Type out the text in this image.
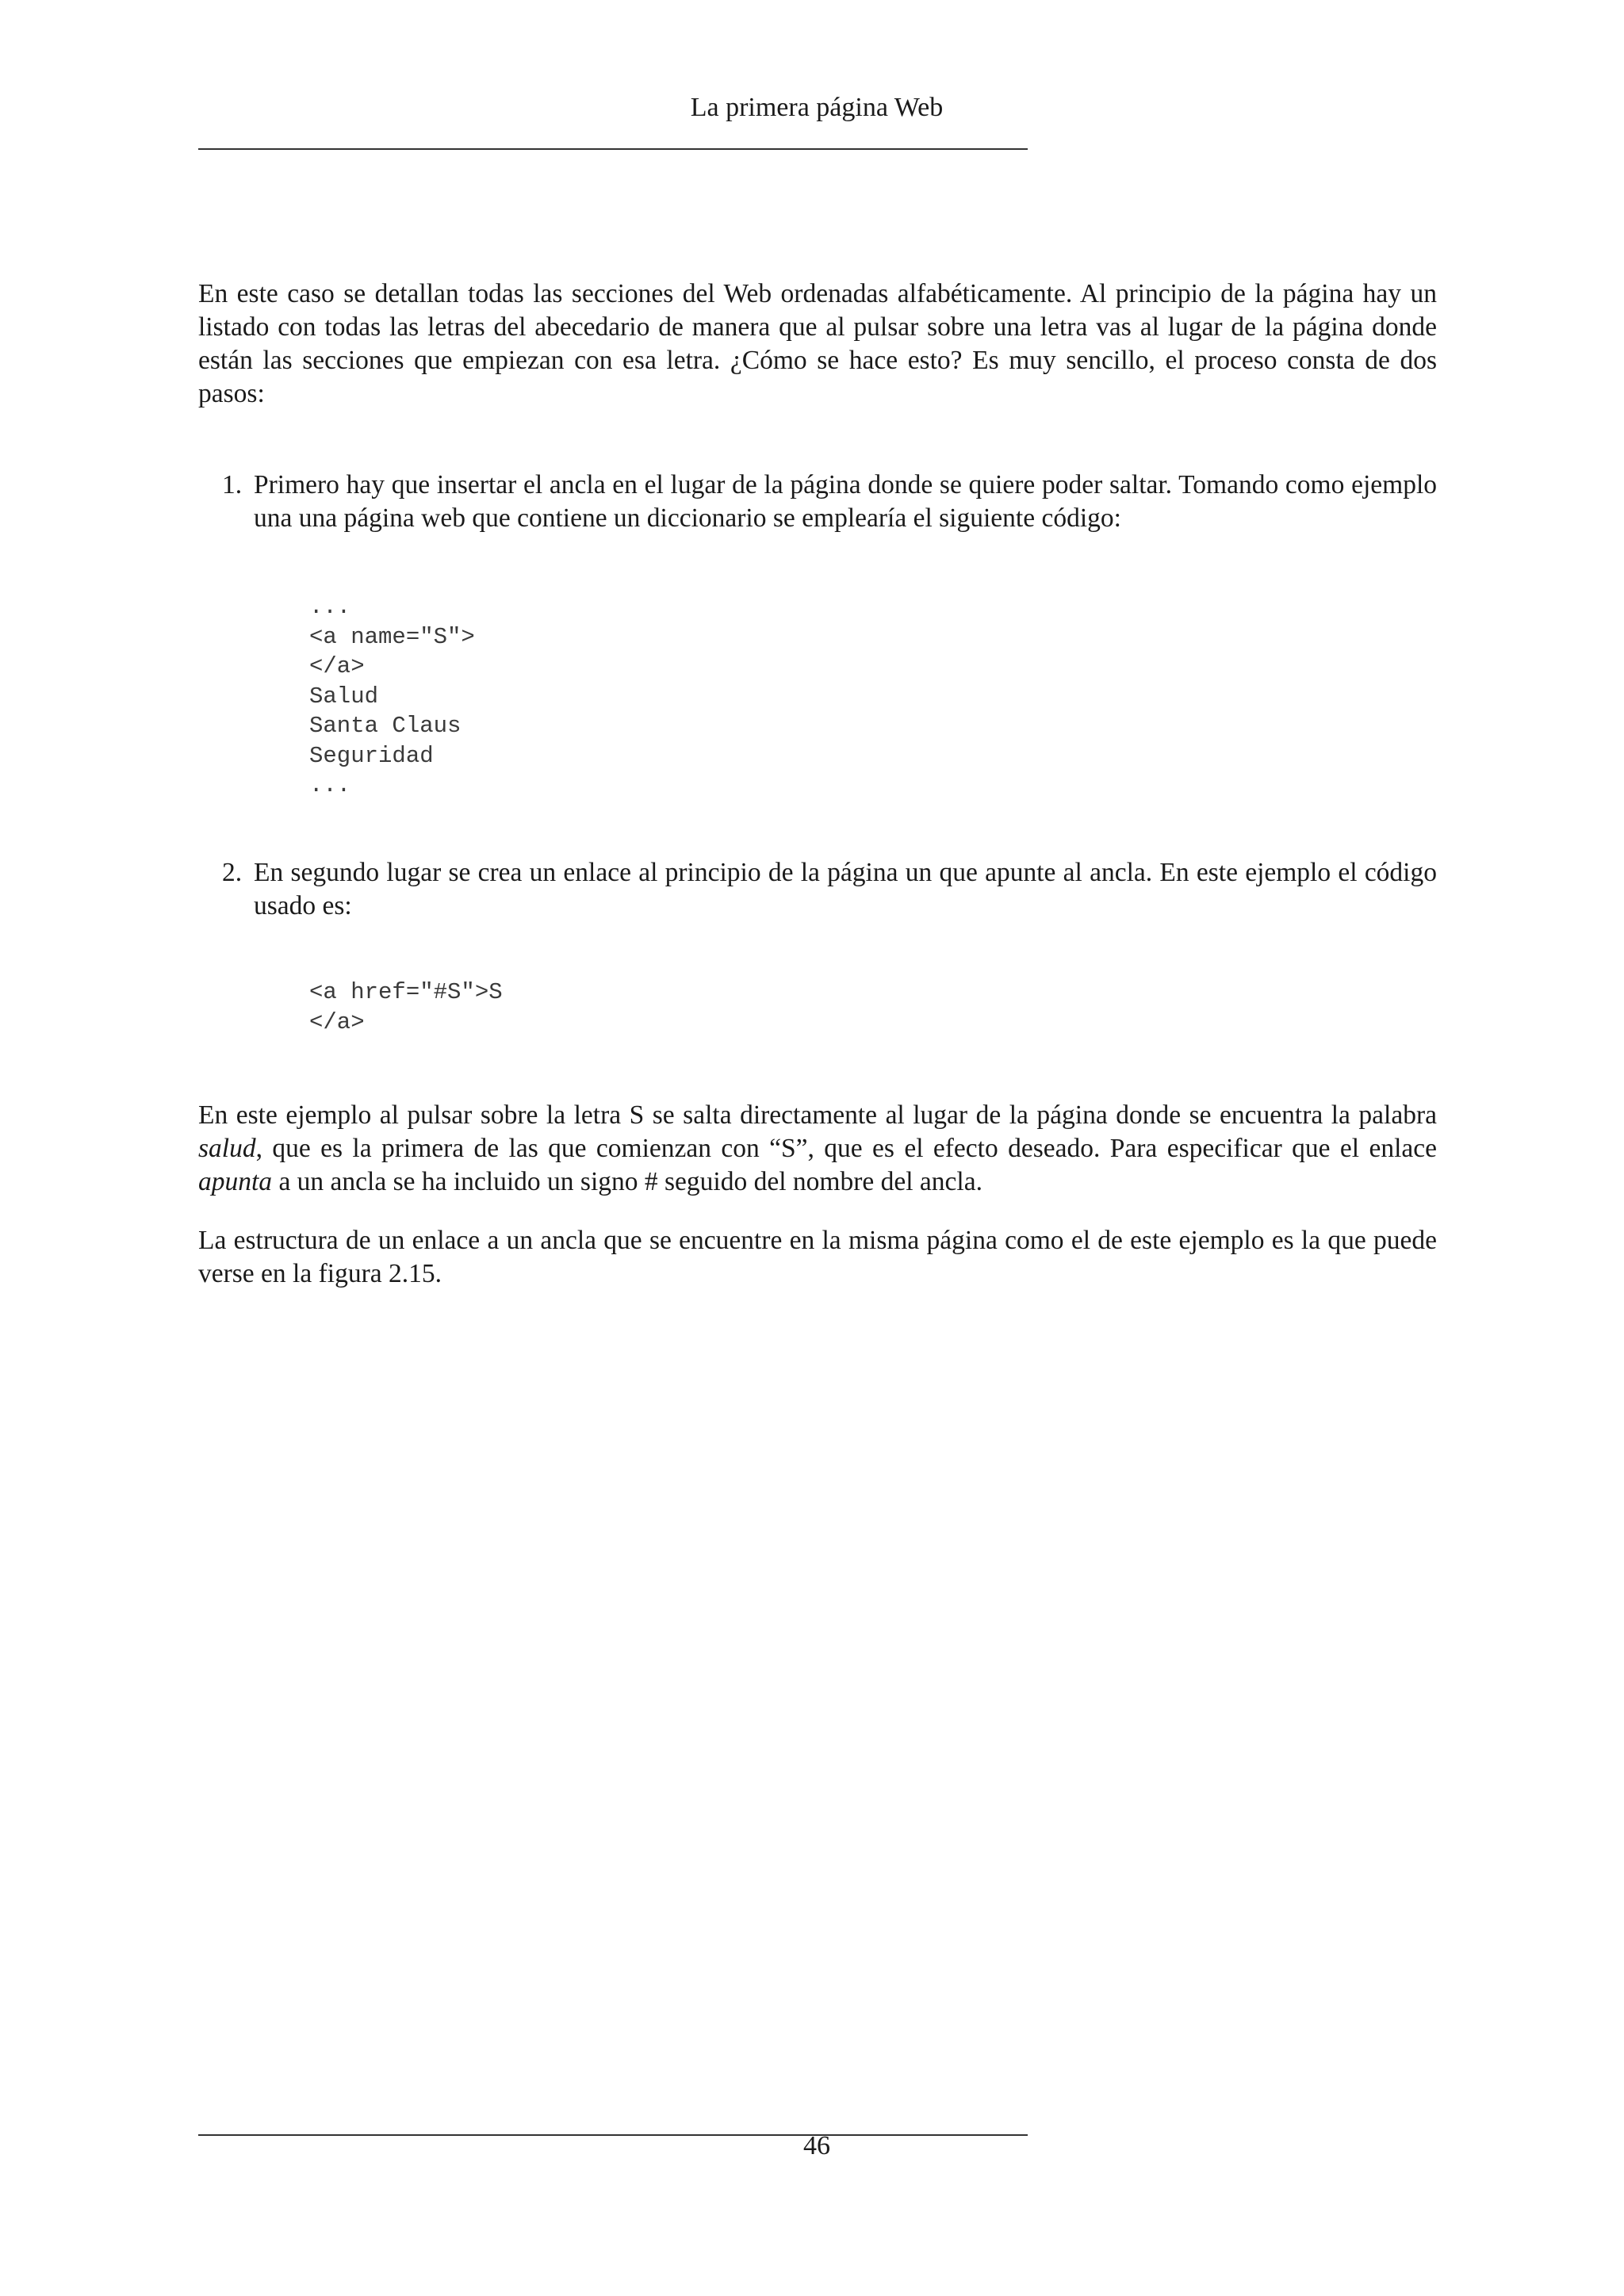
La primera página Web
En este caso se detallan todas las secciones del Web ordenadas alfabéticamente. Al principio de la página hay un listado con todas las letras del abecedario de manera que al pulsar sobre una letra vas al lugar de la página donde están las secciones que empiezan con esa letra. ¿Cómo se hace esto? Es muy sencillo, el proceso consta de dos pasos:
1. Primero hay que insertar el ancla en el lugar de la página donde se quiere poder saltar. Tomando como ejemplo una una página web que contiene un diccionario se emplearía el siguiente código:
...
<a name="S">
</a>
Salud
Santa Claus
Seguridad
...
2. En segundo lugar se crea un enlace al principio de la página un que apunte al ancla. En este ejemplo el código usado es:
<a href="#S">S
</a>
En este ejemplo al pulsar sobre la letra S se salta directamente al lugar de la página donde se encuentra la palabra salud, que es la primera de las que comienzan con “S”, que es el efecto deseado. Para especificar que el enlace apunta a un ancla se ha incluido un signo # seguido del nombre del ancla.
La estructura de un enlace a un ancla que se encuentre en la misma página como el de este ejemplo es la que puede verse en la figura 2.15.
46
